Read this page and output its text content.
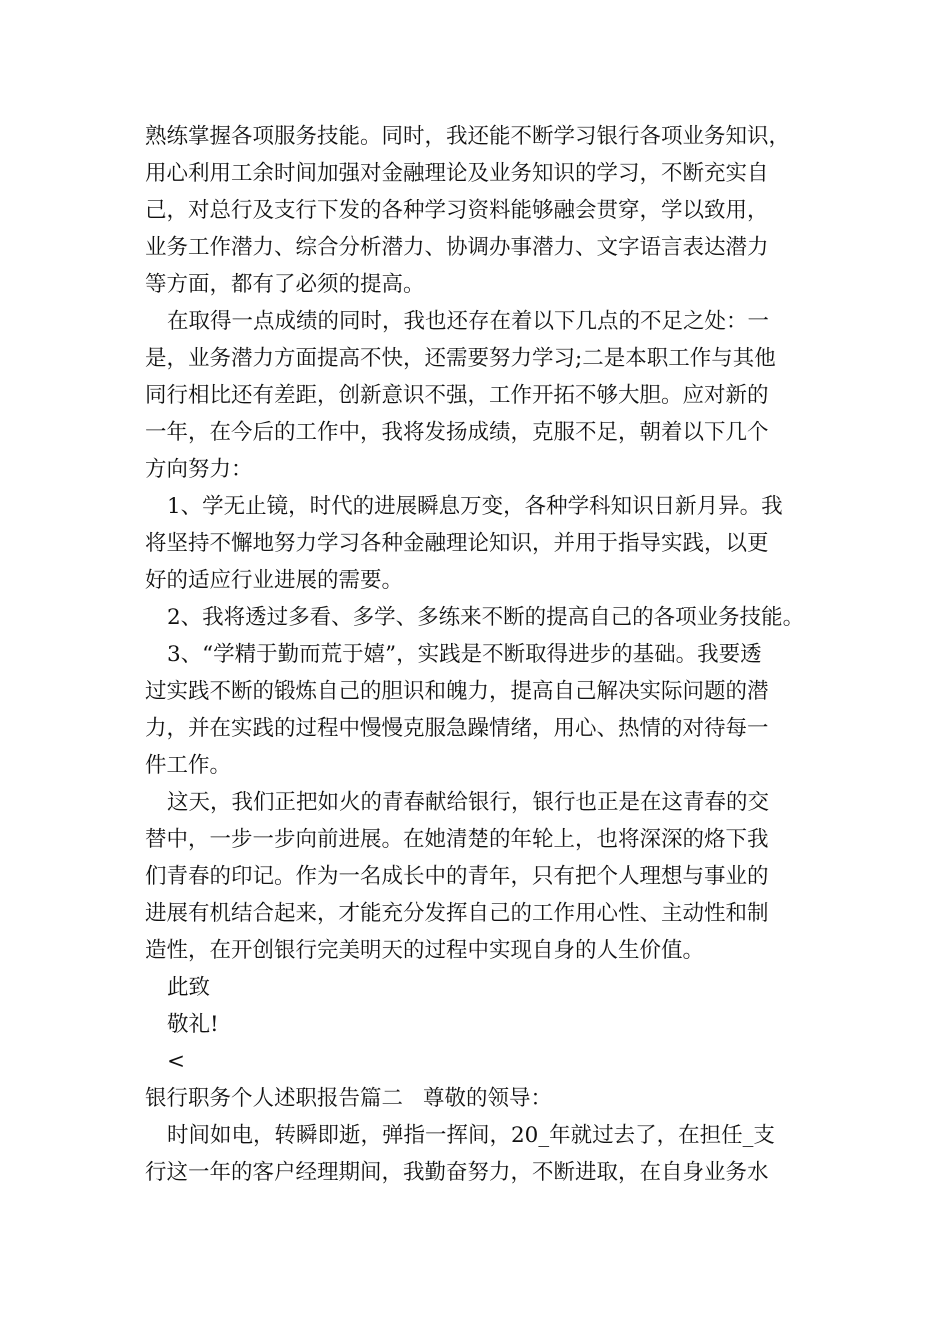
熟练掌握各项服务技能。同时，我还能不断学习银行各项业务知识，
用心利用工余时间加强对金融理论及业务知识的学习，不断充实自
己，对总行及支行下发的各种学习资料能够融会贯穿，学以致用，
业务工作潜力、综合分析潜力、协调办事潜力、文字语言表达潜力
等方面，都有了必须的提高。
在取得一点成绩的同时，我也还存在着以下几点的不足之处：一
是，业务潜力方面提高不快，还需要努力学习;二是本职工作与其他
同行相比还有差距，创新意识不强，工作开拓不够大胆。应对新的
一年，在今后的工作中，我将发扬成绩，克服不足，朝着以下几个
方向努力：
1、学无止镜，时代的进展瞬息万变，各种学科知识日新月异。我
将坚持不懈地努力学习各种金融理论知识，并用于指导实践，以更
好的适应行业进展的需要。
2、我将透过多看、多学、多练来不断的提高自己的各项业务技能。
3、“学精于勤而荒于嬉”，实践是不断取得进步的基础。我要透
过实践不断的锻炼自己的胆识和魄力，提高自己解决实际问题的潜
力，并在实践的过程中慢慢克服急躁情绪，用心、热情的对待每一
件工作。
这天，我们正把如火的青春献给银行，银行也正是在这青春的交
替中，一步一步向前进展。在她清楚的年轮上，也将深深的烙下我
们青春的印记。作为一名成长中的青年，只有把个人理想与事业的
进展有机结合起来，才能充分发挥自己的工作用心性、主动性和制
造性，在开创银行完美明天的过程中实现自身的人生价值。
此致
敬礼!
<
银行职务个人述职报告篇二 尊敬的领导：
时间如电，转瞬即逝，弹指一挥间，20_年就过去了，在担任_支
行这一年的客户经理期间，我勤奋努力，不断进取，在自身业务水
